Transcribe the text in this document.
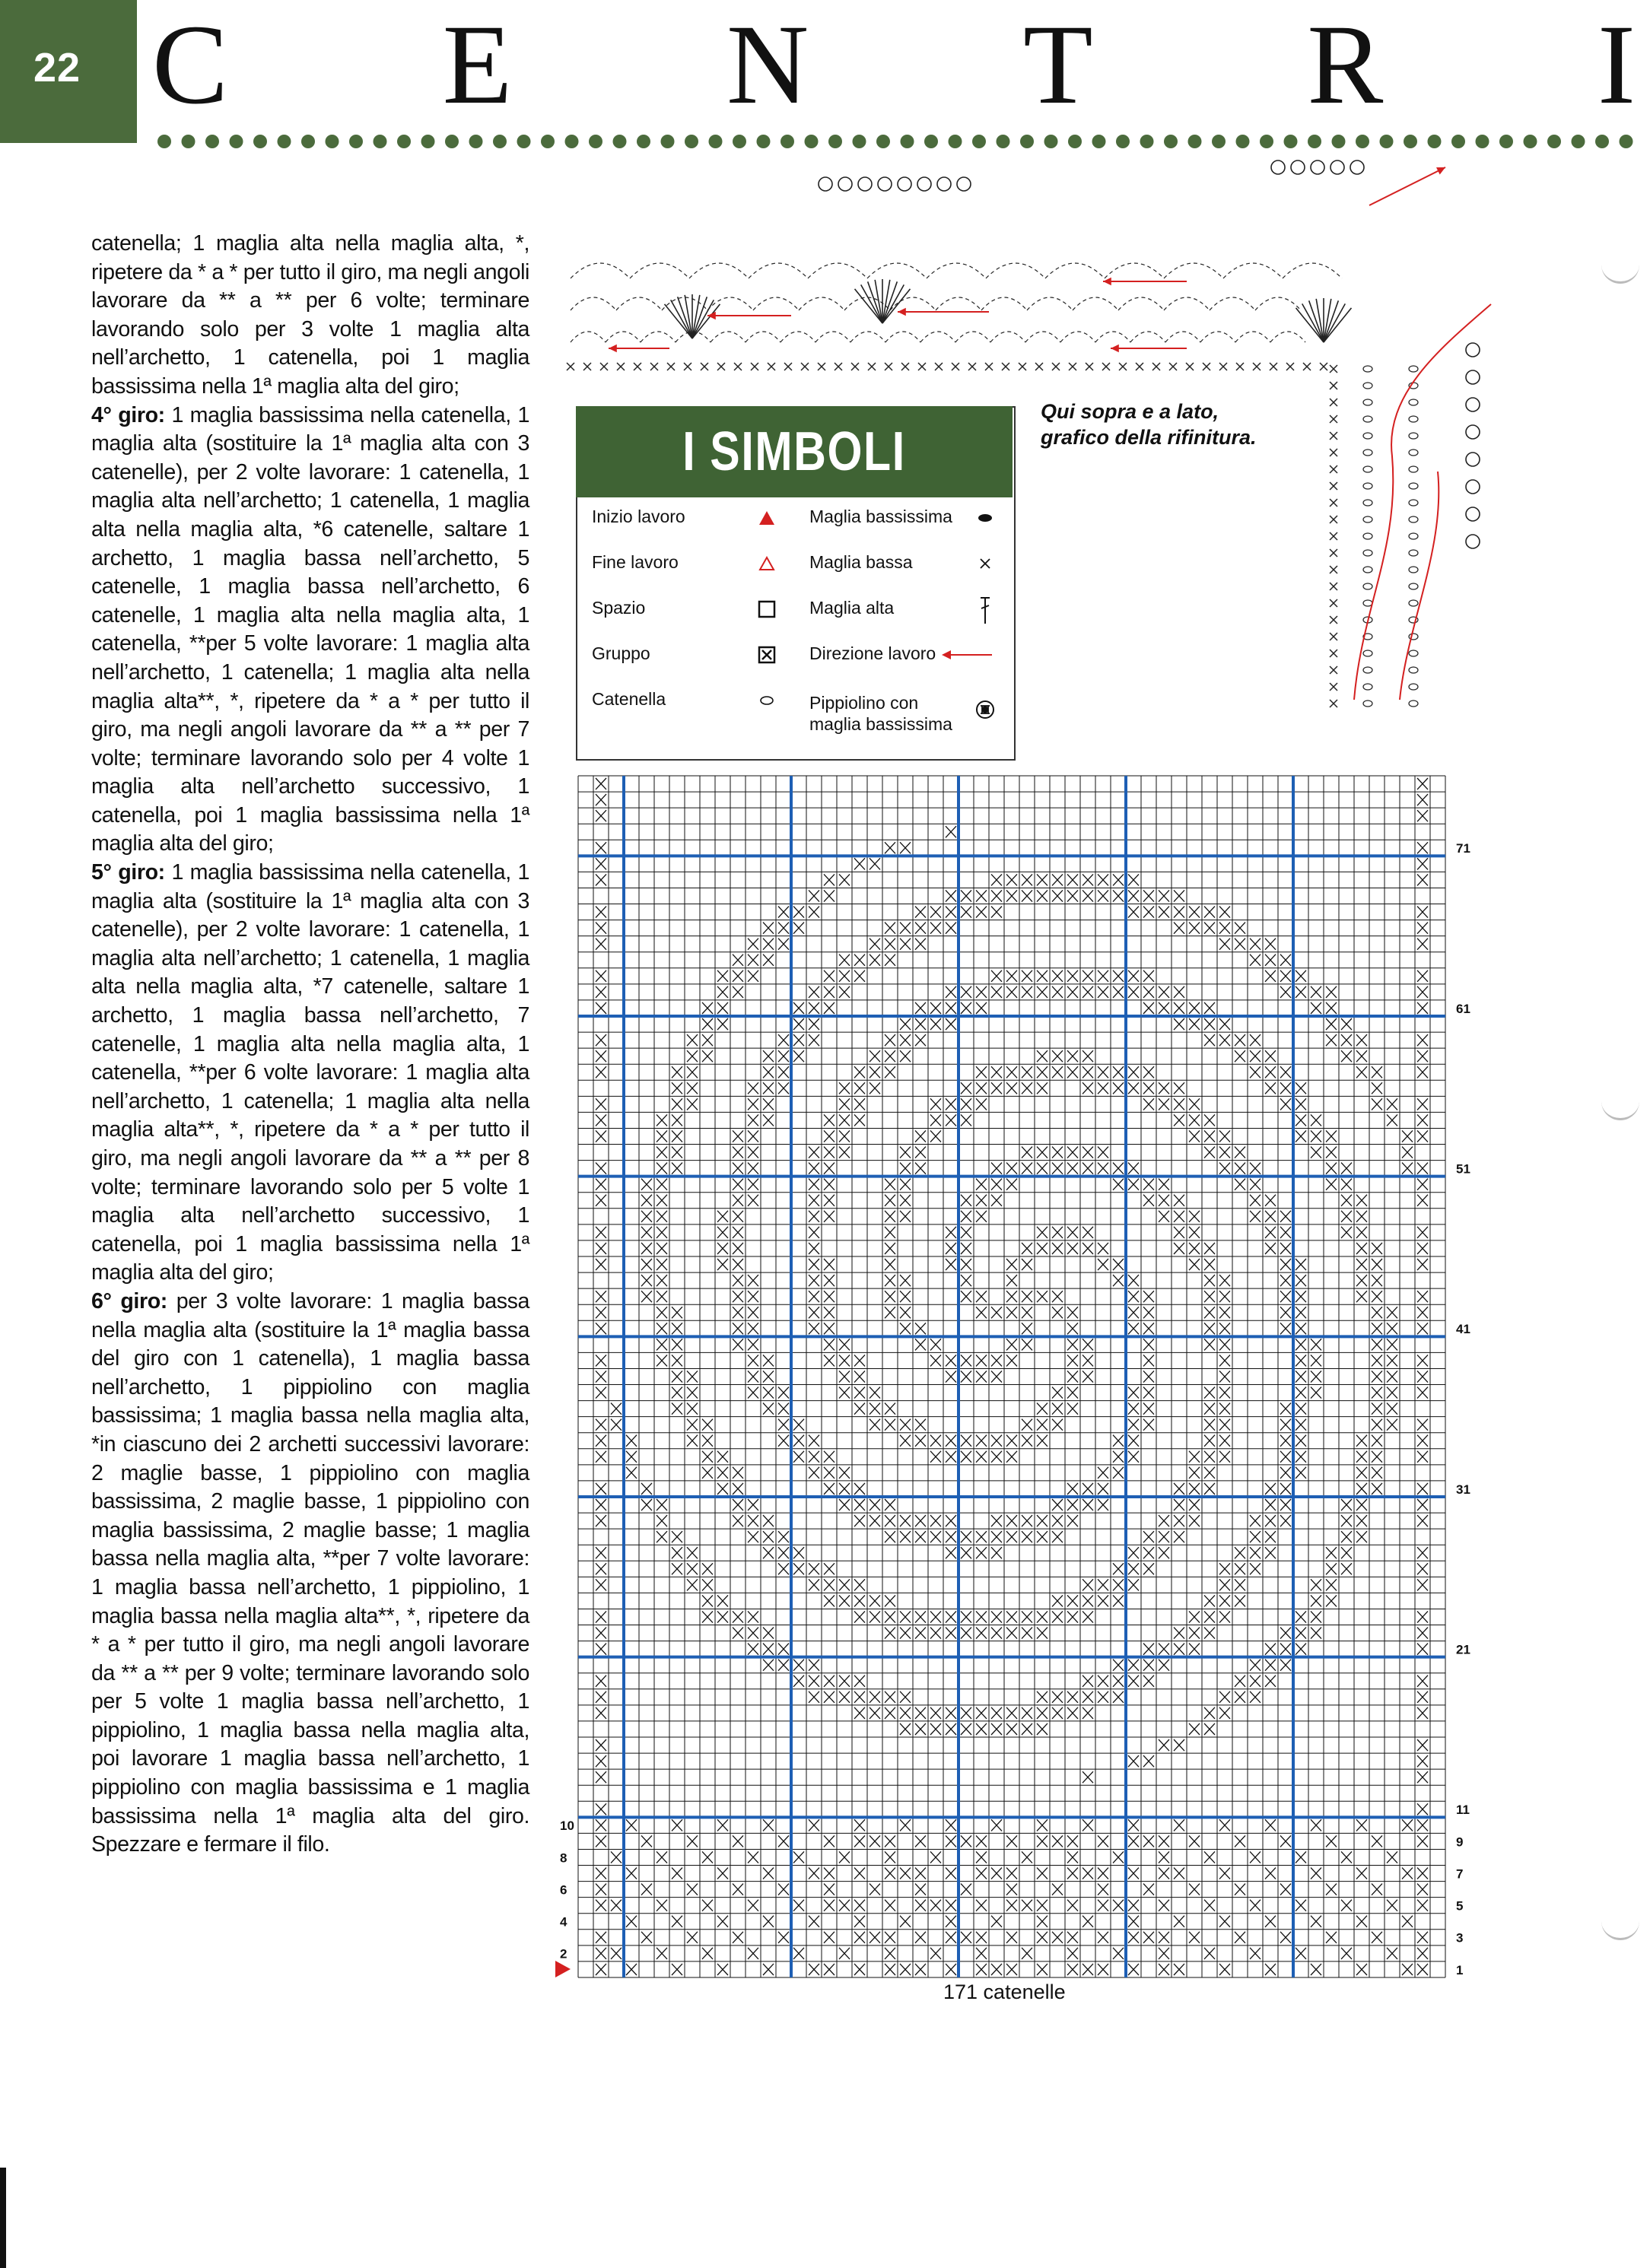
22 C E N T R I

catenella; 1 maglia alta nella maglia alta, *, ripetere da * a * per tutto il giro, ma negli angoli lavorare da ** a ** per 6 volte; terminare lavorando solo per 3 volte 1 maglia alta nell’archetto, 1 catenella, poi 1 maglia bassissima nella 1ª maglia alta del giro;

4° giro: 1 maglia bassissima nella catenella, 1 maglia alta (sostituire la 1ª maglia alta con 3 catenelle), per 2 volte lavorare: 1 catenella, 1 maglia alta nell’archetto; 1 catenella, 1 maglia alta nella maglia alta, *6 catenelle, saltare 1 archetto, 1 maglia bassa nell’archetto, 5 catenelle, 1 maglia bassa nell’archetto, 6 catenelle, 1 maglia alta nella maglia alta, 1 catenella, **per 5 volte lavorare: 1 maglia alta nell’archetto, 1 catenella; 1 maglia alta nella maglia alta**, *, ripetere da * a * per tutto il giro, ma negli angoli lavorare da ** a ** per 7 volte; terminare lavorando solo per 4 volte 1 maglia alta nell’archetto successivo, 1 catenella, poi 1 maglia bassissima nella 1ª maglia alta del giro;

5° giro: 1 maglia bassissima nella catenella, 1 maglia alta (sostituire la 1ª maglia alta con 3 catenelle), per 2 volte lavorare: 1 catenella, 1 maglia alta nell’archetto; 1 catenella, 1 maglia alta nella maglia alta, *7 catenelle, saltare 1 archetto, 1 maglia bassa nell’archetto, 7 catenelle, 1 maglia alta nella maglia alta, 1 catenella, **per 6 volte lavorare: 1 maglia alta nell’archetto, 1 catenella; 1 maglia alta nella maglia alta**, *, ripetere da * a * per tutto il giro, ma negli angoli lavorare da ** a ** per 8 volte; terminare lavorando solo per 5 volte 1 maglia alta nell’archetto successivo, 1 catenella, poi 1 maglia bassissima nella 1ª maglia alta del giro;

6° giro: per 3 volte lavorare: 1 maglia bassa nella maglia alta (sostituire la 1ª maglia bassa del giro con 1 catenella), 1 maglia bassa nell’archetto, 1 pippiolino con maglia bassissima; 1 maglia bassa nella maglia alta, *in ciascuno dei 2 archetti successivi lavorare: 2 maglie basse, 1 pippiolino con maglia bassissima, 2 maglie basse, 1 pippiolino con maglia bassissima, 2 maglie basse; 1 maglia bassa nella maglia alta, **per 7 volte lavorare: 1 maglia bassa nell’archetto, 1 pippiolino, 1 maglia bassa nella maglia alta**, *, ripetere da * a * per tutto il giro, ma negli angoli lavorare da ** a ** per 9 volte; terminare lavorando solo per 5 volte 1 maglia bassa nell’archetto, 1 pippiolino, 1 maglia bassa nella maglia alta, poi lavorare 1 maglia bassa nell’archetto, 1 pippiolino con maglia bassissima e 1 maglia bassissima nella 1ª maglia alta del giro. Spezzare e fermare il filo.

I SIMBOLI
Inizio lavoro
Fine lavoro
Spazio
Gruppo
Catenella
Maglia bassissima
Maglia bassa
Maglia alta
Direzione lavoro
Pippiolino con maglia bassissima
Qui sopra e a lato,
grafico della rifinitura.
1
3
5
7
9
11
21
31
41
51
61
71
2
4
6
8
10
171 catenelle
